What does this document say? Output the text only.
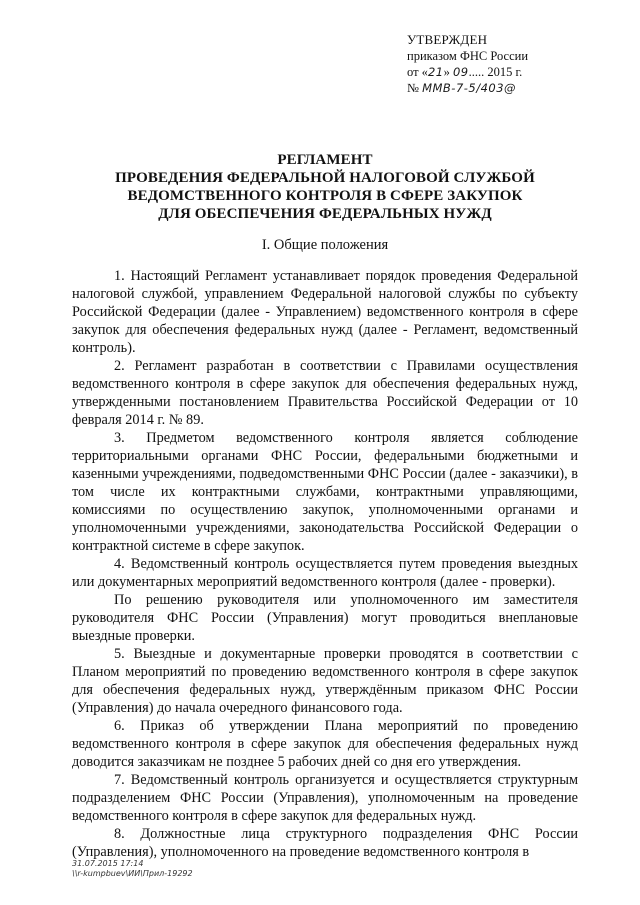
УТВЕРЖДЕН
приказом ФНС России
от «21» 09..... 2015 г.
№ ММВ-7-5/403@
РЕГЛАМЕНТ
ПРОВЕДЕНИЯ ФЕДЕРАЛЬНОЙ НАЛОГОВОЙ СЛУЖБОЙ
ВЕДОМСТВЕННОГО КОНТРОЛЯ В СФЕРЕ ЗАКУПОК
ДЛЯ ОБЕСПЕЧЕНИЯ ФЕДЕРАЛЬНЫХ НУЖД
I. Общие положения

1. Настоящий Регламент устанавливает порядок проведения Федеральной налоговой службой, управлением Федеральной налоговой службы по субъекту Российской Федерации (далее - Управлением) ведомственного контроля в сфере закупок для обеспечения федеральных нужд (далее - Регламент, ведомственный контроль).

2. Регламент разработан в соответствии с Правилами осуществления ведомственного контроля в сфере закупок для обеспечения федеральных нужд, утвержденными постановлением Правительства Российской Федерации от 10 февраля 2014 г. № 89.

3. Предметом ведомственного контроля является соблюдение территориальными органами ФНС России, федеральными бюджетными и казенными учреждениями, подведомственными ФНС России (далее - заказчики), в том числе их контрактными службами, контрактными управляющими, комиссиями по осуществлению закупок, уполномоченными органами и уполномоченными учреждениями, законодательства Российской Федерации о контрактной системе в сфере закупок.

4. Ведомственный контроль осуществляется путем проведения выездных или документарных мероприятий ведомственного контроля (далее - проверки).

По решению руководителя или уполномоченного им заместителя руководителя ФНС России (Управления) могут проводиться внеплановые выездные проверки.

5. Выездные и документарные проверки проводятся в соответствии с Планом мероприятий по проведению ведомственного контроля в сфере закупок для обеспечения федеральных нужд, утверждённым приказом ФНС России (Управления) до начала очередного финансового года.

6. Приказ об утверждении Плана мероприятий по проведению ведомственного контроля в сфере закупок для обеспечения федеральных нужд доводится заказчикам не позднее 5 рабочих дней со дня его утверждения.

7. Ведомственный контроль организуется и осуществляется структурным подразделением ФНС России (Управления), уполномоченным на проведение ведомственного контроля в сфере закупок для федеральных нужд.

8. Должностные лица структурного подразделения ФНС России (Управления), уполномоченного на проведение ведомственного контроля в

31.07.2015 17:14
\\r-kumpbuev\ИИ\Прил-19292
